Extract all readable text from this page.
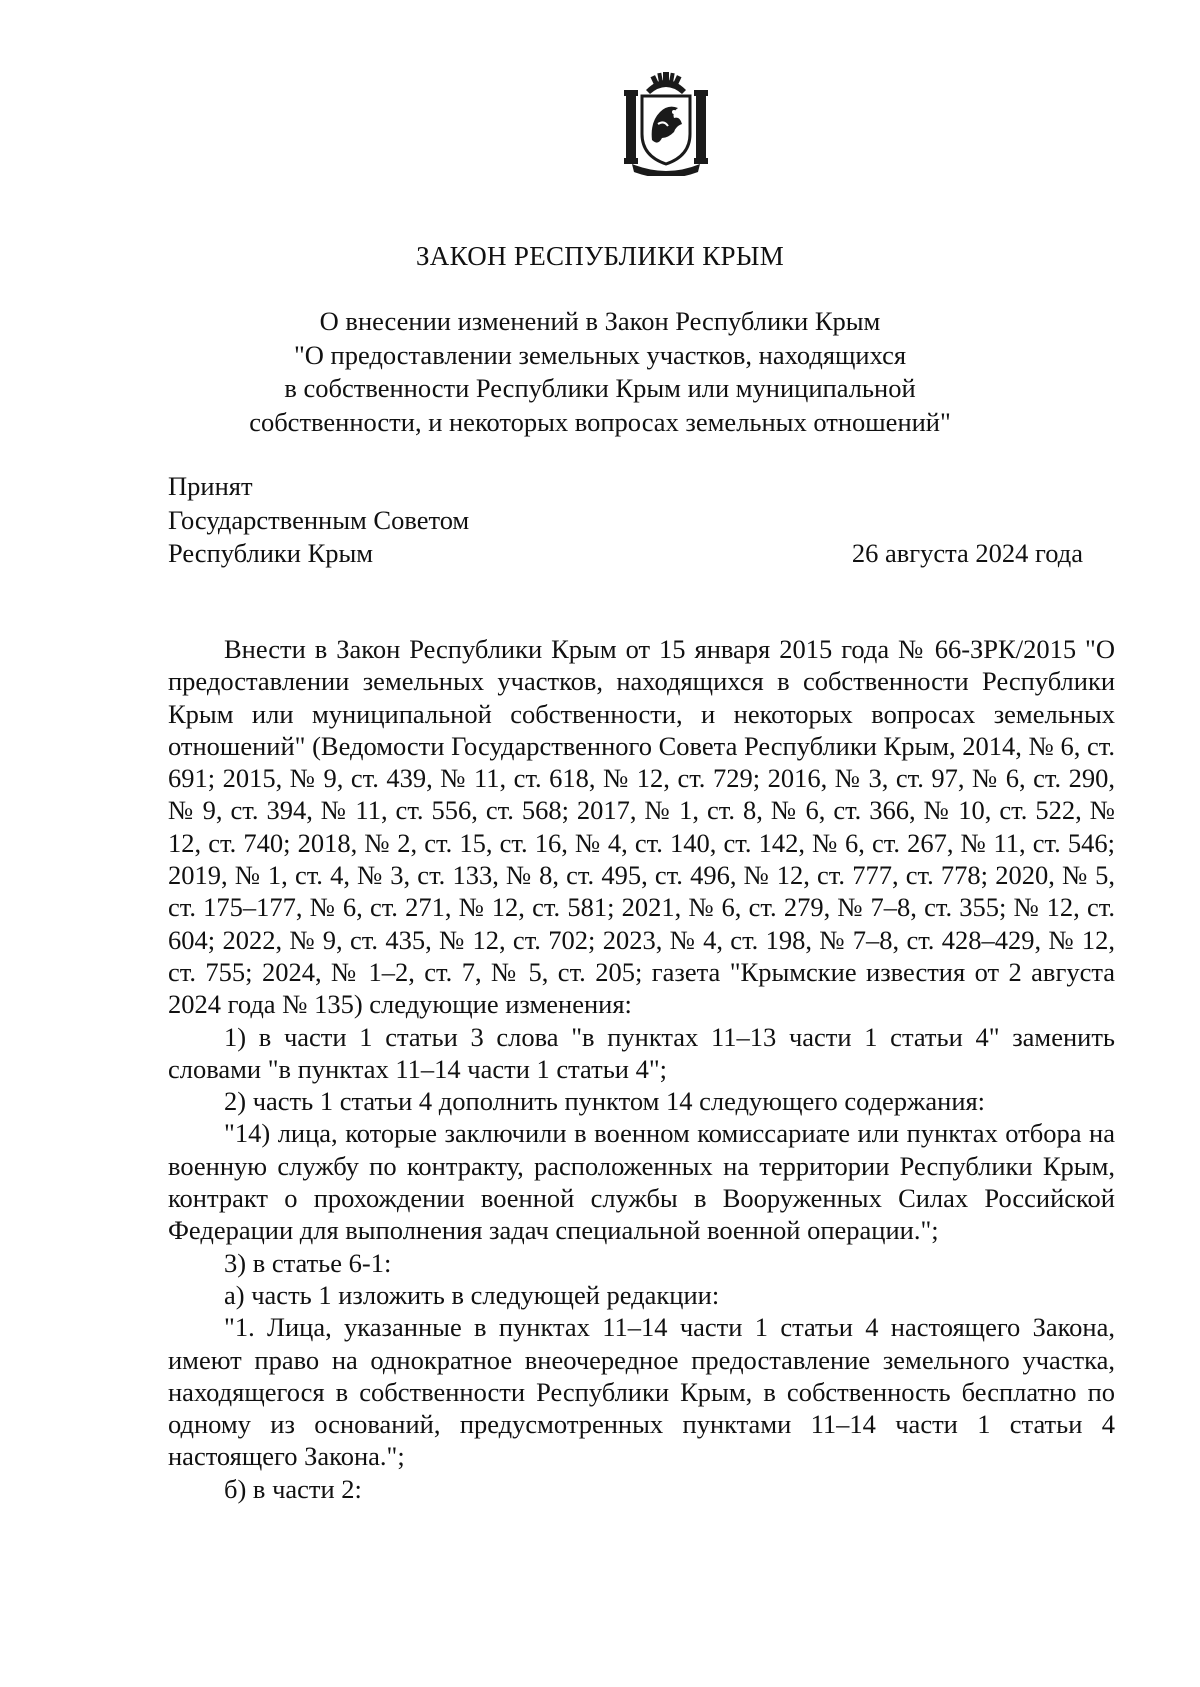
ЗАКОН РЕСПУБЛИКИ КРЫМ
О внесении изменений в Закон Республики Крым
"О предоставлении земельных участков, находящихся
в собственности Республики Крым или муниципальной
собственности, и некоторых вопросах земельных отношений"
Принят
Государственным Советом
Республики Крым	26 августа 2024 года

Внести в Закон Республики Крым от 15 января 2015 года № 66-ЗРК/2015 "О предоставлении земельных участков, находящихся в собственности Республики Крым или муниципальной собственности, и некоторых вопросах земельных отношений" (Ведомости Государственного Совета Республики Крым, 2014, № 6, ст. 691; 2015, № 9, ст. 439, № 11, ст. 618, № 12, ст. 729; 2016, № 3, ст. 97, № 6, ст. 290, № 9, ст. 394, № 11, ст. 556, ст. 568; 2017, № 1, ст. 8, № 6, ст. 366, № 10, ст. 522, № 12, ст. 740; 2018, № 2, ст. 15, ст. 16, № 4, ст. 140, ст. 142, № 6, ст. 267, № 11, ст. 546; 2019, № 1, ст. 4, № 3, ст. 133, № 8, ст. 495, ст. 496, № 12, ст. 777, ст. 778; 2020, № 5, ст. 175–177, № 6, ст. 271, № 12, ст. 581; 2021, № 6, ст. 279, № 7–8, ст. 355; № 12, ст. 604; 2022, № 9, ст. 435, № 12, ст. 702; 2023, № 4, ст. 198, № 7–8, ст. 428–429, № 12, ст. 755; 2024, № 1–2, ст. 7, № 5, ст. 205; газета "Крымские известия от 2 августа 2024 года № 135) следующие изменения:

1) в части 1 статьи 3 слова "в пунктах 11–13 части 1 статьи 4" заменить словами "в пунктах 11–14 части 1 статьи 4";

2) часть 1 статьи 4 дополнить пунктом 14 следующего содержания:

"14) лица, которые заключили в военном комиссариате или пунктах отбора на военную службу по контракту, расположенных на территории Республики Крым, контракт о прохождении военной службы в Вооруженных Силах Российской Федерации для выполнения задач специальной военной операции.";

3) в статье 6-1:

а) часть 1 изложить в следующей редакции:

"1. Лица, указанные в пунктах 11–14 части 1 статьи 4 настоящего Закона, имеют право на однократное внеочередное предоставление земельного участка, находящегося в собственности Республики Крым, в собственность бесплатно по одному из оснований, предусмотренных пунктами 11–14 части 1 статьи 4 настоящего Закона.";

б) в части 2:
